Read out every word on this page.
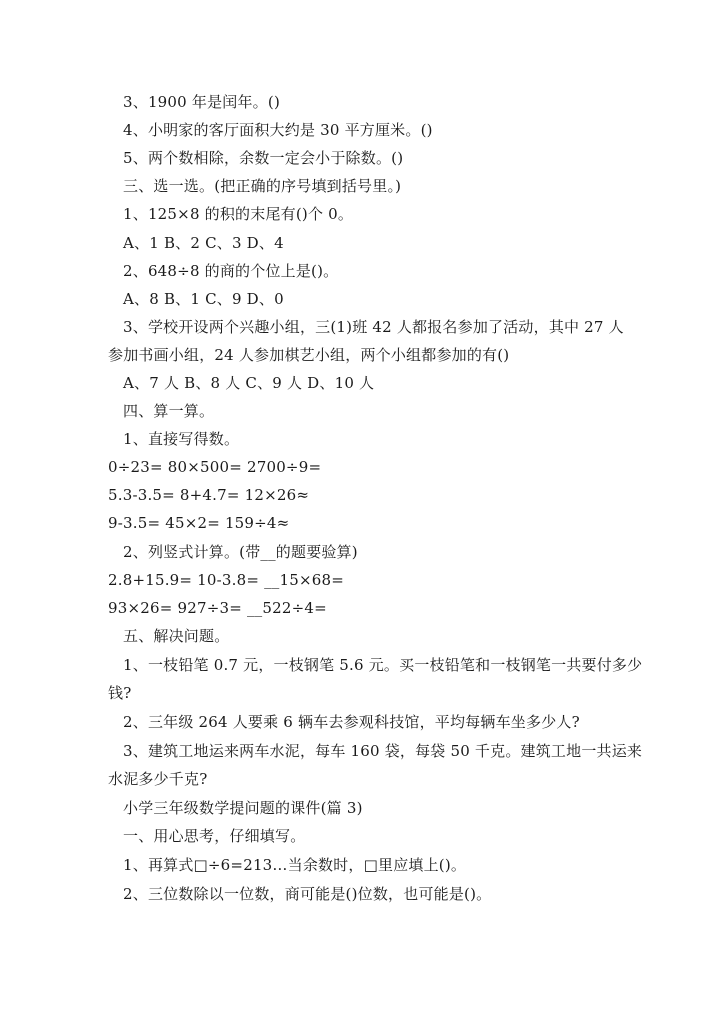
3、1900 年是闰年。()
4、小明家的客厅面积大约是 30 平方厘米。()
5、两个数相除，余数一定会小于除数。()
三、选一选。(把正确的序号填到括号里。)
1、125×8 的积的末尾有()个 0。
A、1 B、2 C、3 D、4
2、648÷8 的商的个位上是()。
A、8 B、1 C、9 D、0
3、学校开设两个兴趣小组，三(1)班 42 人都报名参加了活动，其中 27 人
参加书画小组，24 人参加棋艺小组，两个小组都参加的有()
A、7 人 B、8 人 C、9 人 D、10 人
四、算一算。
1、直接写得数。
0÷23= 80×500= 2700÷9=
5.3-3.5= 8+4.7= 12×26≈
9-3.5= 45×2= 159÷4≈
2、列竖式计算。(带__的题要验算)
2.8+15.9= 10-3.8= __15×68=
93×26= 927÷3= __522÷4=
五、解决问题。
1、一枝铅笔 0.7 元，一枝钢笔 5.6 元。买一枝铅笔和一枝钢笔一共要付多少
钱?
2、三年级 264 人要乘 6 辆车去参观科技馆，平均每辆车坐多少人?
3、建筑工地运来两车水泥，每车 160 袋，每袋 50 千克。建筑工地一共运来
水泥多少千克?
小学三年级数学提问题的课件(篇 3)
一、用心思考，仔细填写。
1、再算式□÷6=213…当余数时，□里应填上()。
2、三位数除以一位数，商可能是()位数，也可能是()。
